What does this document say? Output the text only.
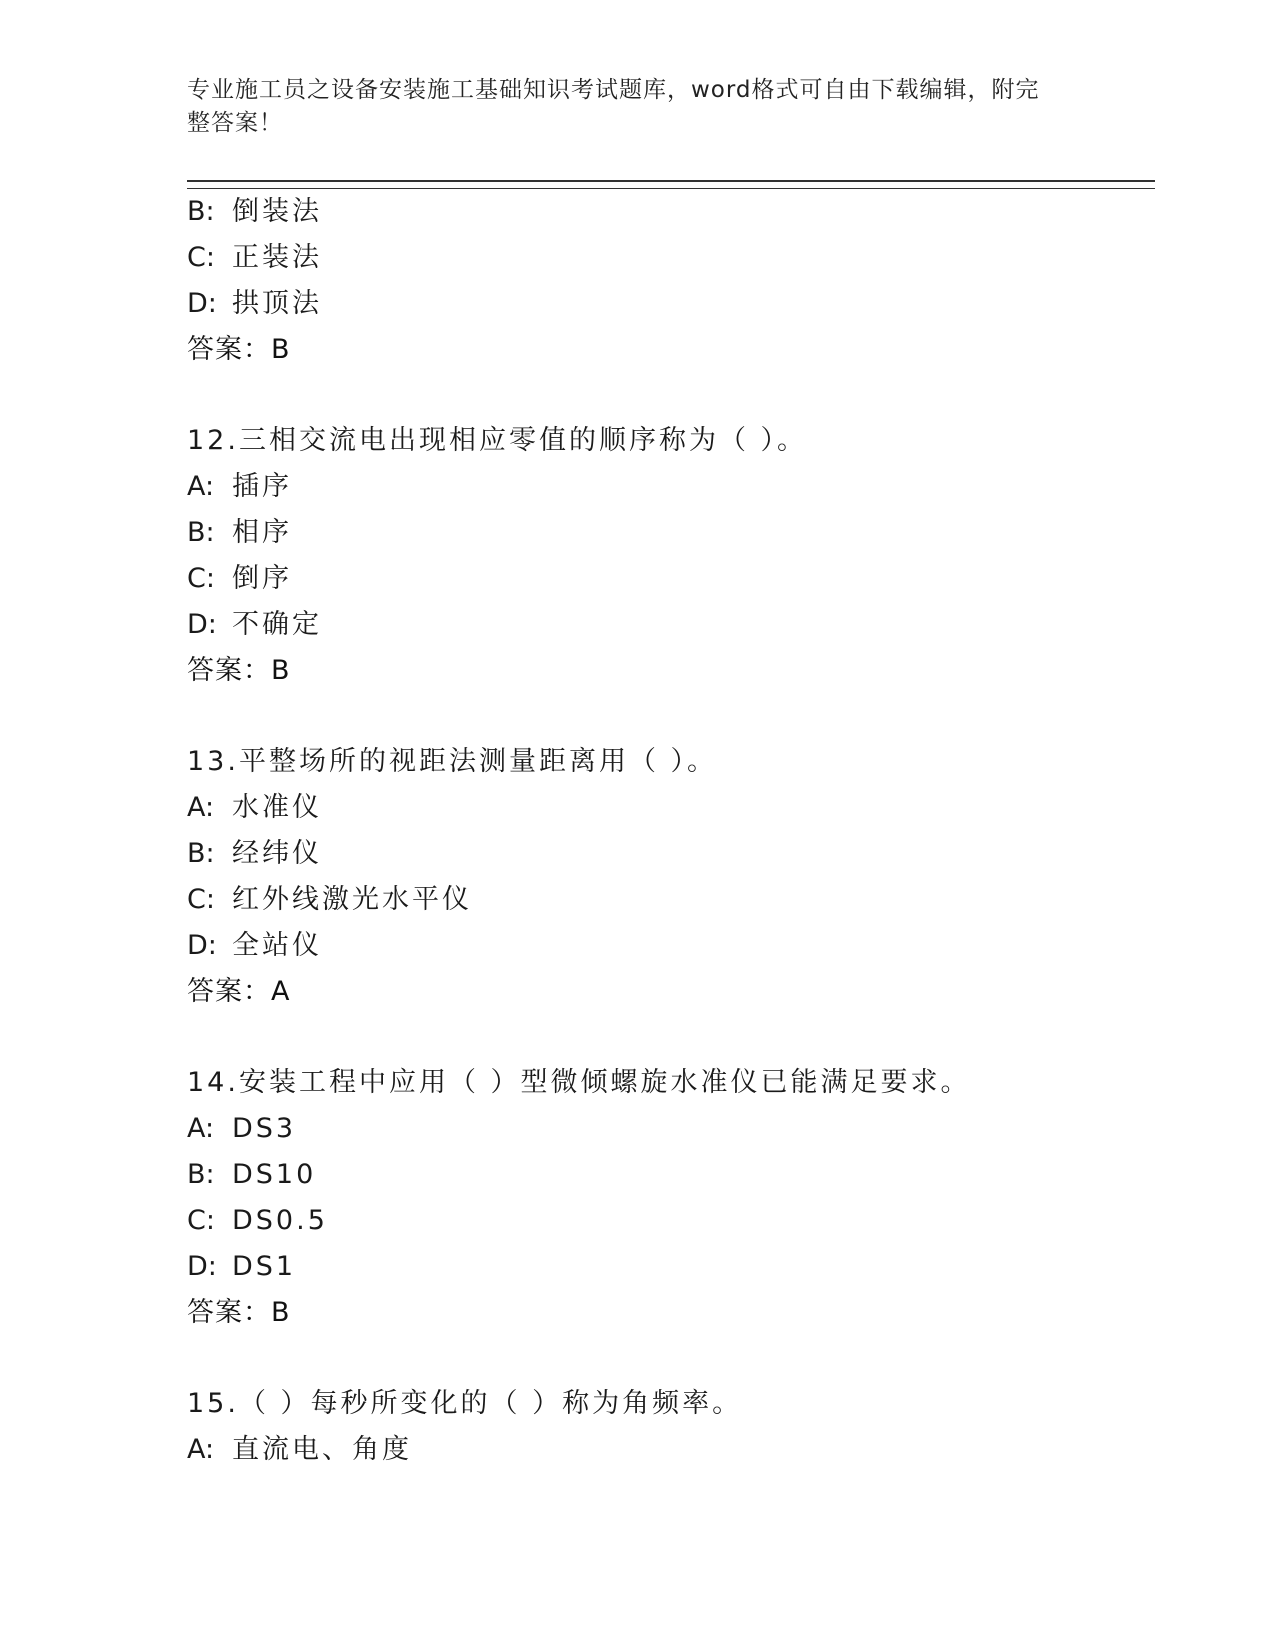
专业施工员之设备安装施工基础知识考试题库，word格式可自由下载编辑，附完
整答案！
B: 倒装法
C: 正装法
D: 拱顶法
答案：B
12.三相交流电出现相应零值的顺序称为（ ）。
A: 插序
B: 相序
C: 倒序
D: 不确定
答案：B
13.平整场所的视距法测量距离用（ ）。
A: 水准仪
B: 经纬仪
C: 红外线激光水平仪
D: 全站仪
答案：A
14.安装工程中应用（ ）型微倾螺旋水准仪已能满足要求。
A: DS3
B: DS10
C: DS0.5
D: DS1
答案：B
15.（ ）每秒所变化的（ ）称为角频率。
A: 直流电、角度
